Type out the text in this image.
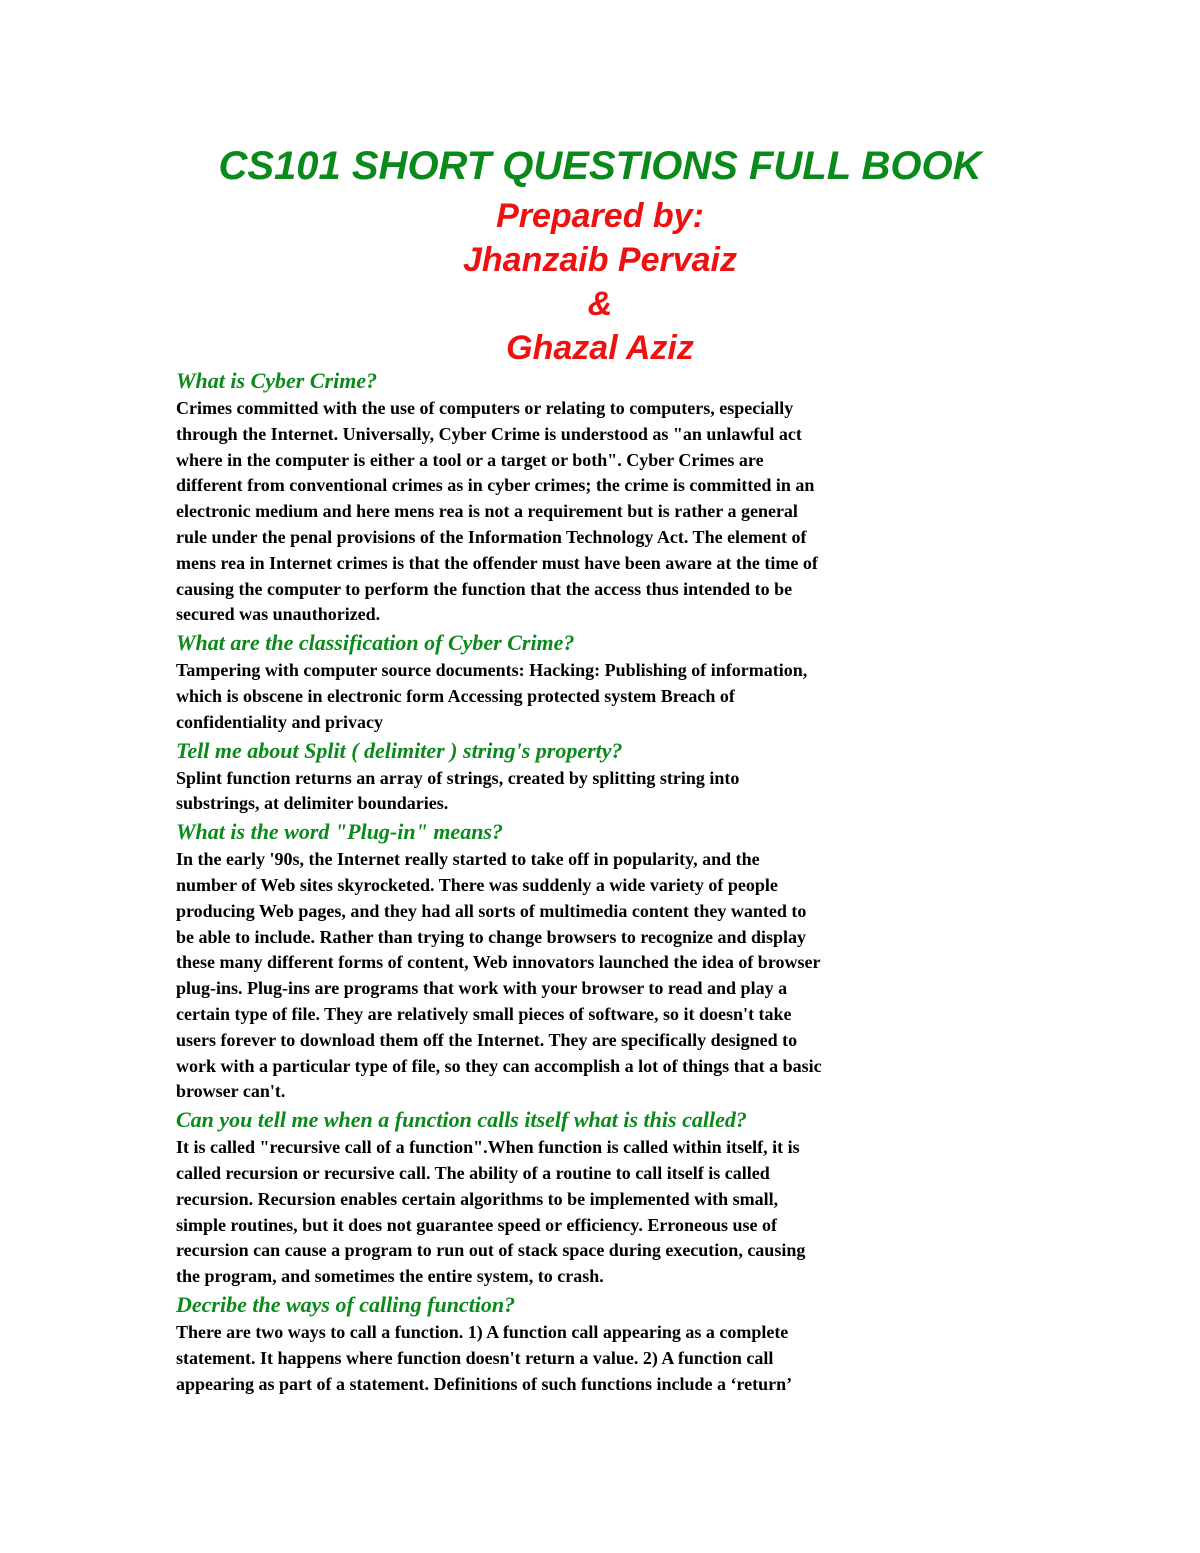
CS101 SHORT QUESTIONS FULL BOOK

Prepared by:

Jhanzaib Pervaiz

&

Ghazal Aziz

What is Cyber Crime?

Crimes committed with the use of computers or relating to computers, especially
through the Internet. Universally, Cyber Crime is understood as "an unlawful act
where in the computer is either a tool or a target or both". Cyber Crimes are
different from conventional crimes as in cyber crimes; the crime is committed in an
electronic medium and here mens rea is not a requirement but is rather a general
rule under the penal provisions of the Information Technology Act. The element of
mens rea in Internet crimes is that the offender must have been aware at the time of
causing the computer to perform the function that the access thus intended to be
secured was unauthorized.

What are the classification of Cyber Crime?

Tampering with computer source documents: Hacking: Publishing of information,
which is obscene in electronic form Accessing protected system Breach of
confidentiality and privacy

Tell me about Split ( delimiter ) string's property?

Splint function returns an array of strings, created by splitting string into
substrings, at delimiter boundaries.

What is the word "Plug-in" means?

In the early '90s, the Internet really started to take off in popularity, and the
number of Web sites skyrocketed. There was suddenly a wide variety of people
producing Web pages, and they had all sorts of multimedia content they wanted to
be able to include. Rather than trying to change browsers to recognize and display
these many different forms of content, Web innovators launched the idea of browser
plug-ins. Plug-ins are programs that work with your browser to read and play a
certain type of file. They are relatively small pieces of software, so it doesn't take
users forever to download them off the Internet. They are specifically designed to
work with a particular type of file, so they can accomplish a lot of things that a basic
browser can't.

Can you tell me when a function calls itself what is this called?

It is called "recursive call of a function".When function is called within itself, it is
called recursion or recursive call. The ability of a routine to call itself is called
recursion. Recursion enables certain algorithms to be implemented with small,
simple routines, but it does not guarantee speed or efficiency. Erroneous use of
recursion can cause a program to run out of stack space during execution, causing
the program, and sometimes the entire system, to crash.

Decribe the ways of calling function?

There are two ways to call a function. 1) A function call appearing as a complete
statement. It happens where function doesn't return a value. 2) A function call
appearing as part of a statement. Definitions of such functions include a ‘return’
